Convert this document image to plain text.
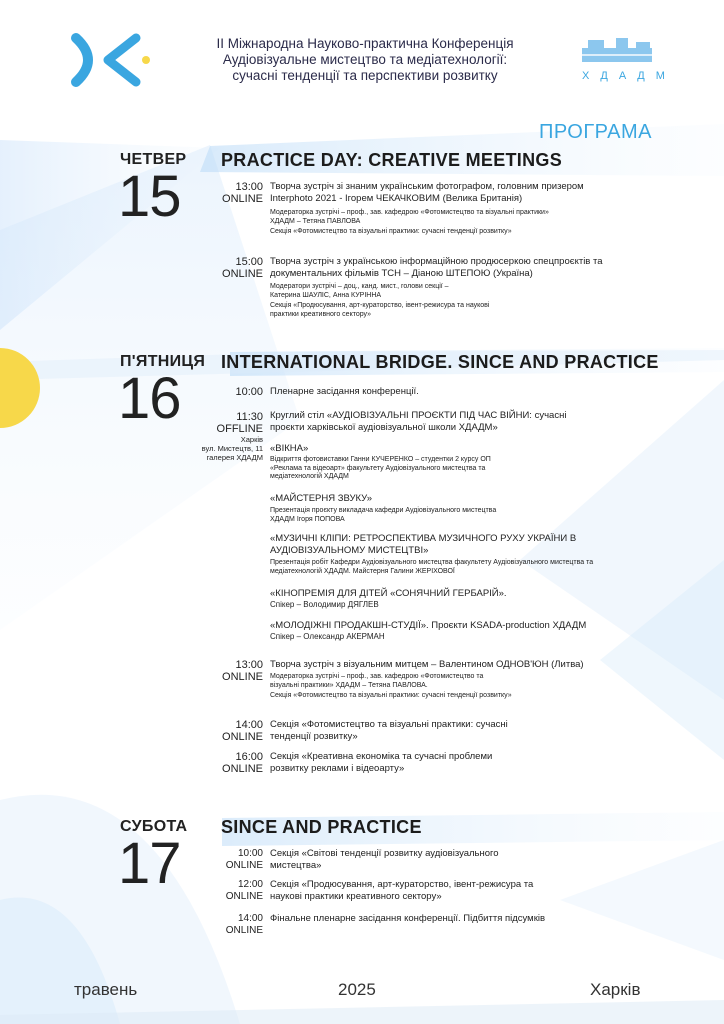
ІІ Міжнародна Науково-практична Конференція
Аудіовізуальне мистецтво та медіатехнології:
сучасні тенденції та перспективи розвитку	Х Д А Д М
ПРОГРАМА
ЧЕТВЕР
15
PRACTICE DAY: CREATIVE MEETINGS
13:00
ONLINE
Творча зустріч зі знаним українським фотографом, головним призером Interphoto 2021 - Ігорем ЧЕКАЧКОВИМ (Велика Британія)
Модераторка зустрічі – проф., зав. кафедрою «Фотомистецтво та візуальні практики» ХДАДМ – Тетяна ПАВЛОВА
Секція «Фотомистецтво та візуальні практики: сучасні тенденції розвитку»
15:00
ONLINE
Творча зустріч з українською інформаційною продюсеркою спецпроєктів та документальних фільмів ТСН – Діаною ШТЕПОЮ (Україна)
Модератори зустрічі – доц., канд. мист., голови секції – Катерина ШАУЛІС, Анна КУРІННА
Секція «Продюсування, арт-кураторство, івент-режисура та наукові практики креативного сектору»
П'ЯТНИЦЯ
16
INTERNATIONAL BRIDGE. SINCE AND PRACTICE
10:00 Пленарне засідання конференції.
11:30
OFFLINE
Круглий стіл «АУДІОВІЗУАЛЬНІ ПРОЄКТИ ПІД ЧАС ВІЙНИ: сучасні проєкти харківської аудіовізуальної школи ХДАДМ»
Харків
вул. Мистецтв, 11
галерея ХДАДМ
«ВІКНА»
Відкриття фотовиставки Ганни КУЧЕРЕНКО – студентки 2 курсу ОП «Реклама та відеоарт» факультету Аудіовізуального мистецтва та медіатехнологій ХДАДМ
«МАЙСТЕРНЯ ЗВУКУ»
Презентація проєкту викладача кафедри Аудіовізуального мистецтва ХДАДМ Ігоря ПОПОВА
«МУЗИЧНІ КЛІПИ: РЕТРОСПЕКТИВА МУЗИЧНОГО РУХУ УКРАЇНИ В АУДІОВІЗУАЛЬНОМУ МИСТЕЦТВІ»
Презентація робіт Кафедри Аудіовізуального мистецтва факультету Аудіовізуального мистецтва та медіатехнологій ХДАДМ. Майстерня Галини ЖЕРІХОВОЇ
«КІНОПРЕМІЯ ДЛЯ ДІТЕЙ «СОНЯЧНИЙ ГЕРБАРІЙ».
Спікер – Володимир ДЯГЛЕВ
«МОЛОДІЖНІ ПРОДАКШН-СТУДІЇ». Проєкти KSADA-production ХДАДМ
Спікер – Олександр АКЕРМАН
13:00
ONLINE
Творча зустріч з візуальним митцем – Валентином ОДНОВ'ЮН (Литва)
Модераторка зустрічі – проф., зав. кафедрою «Фотомистецтво та візуальні практики» ХДАДМ – Тетяна ПАВЛОВА.
Секція «Фотомистецтво та візуальні практики: сучасні тенденції розвитку»
14:00
ONLINE
Секція «Фотомистецтво та візуальні практики: сучасні тенденції розвитку»
16:00
ONLINE
Секція «Креативна економіка та сучасні проблеми розвитку реклами і відеоарту»
СУБОТА
17
SINCE AND PRACTICE
10:00
ONLINE
Секція «Світові тенденції розвитку аудіовізуального мистецтва»
12:00
ONLINE
Секція «Продюсування, арт-кураторство, івент-режисура та наукові практики креативного сектору»
14:00
ONLINE
Фінальне пленарне засідання конференції. Підбиття підсумків
травень	2025	Харків
